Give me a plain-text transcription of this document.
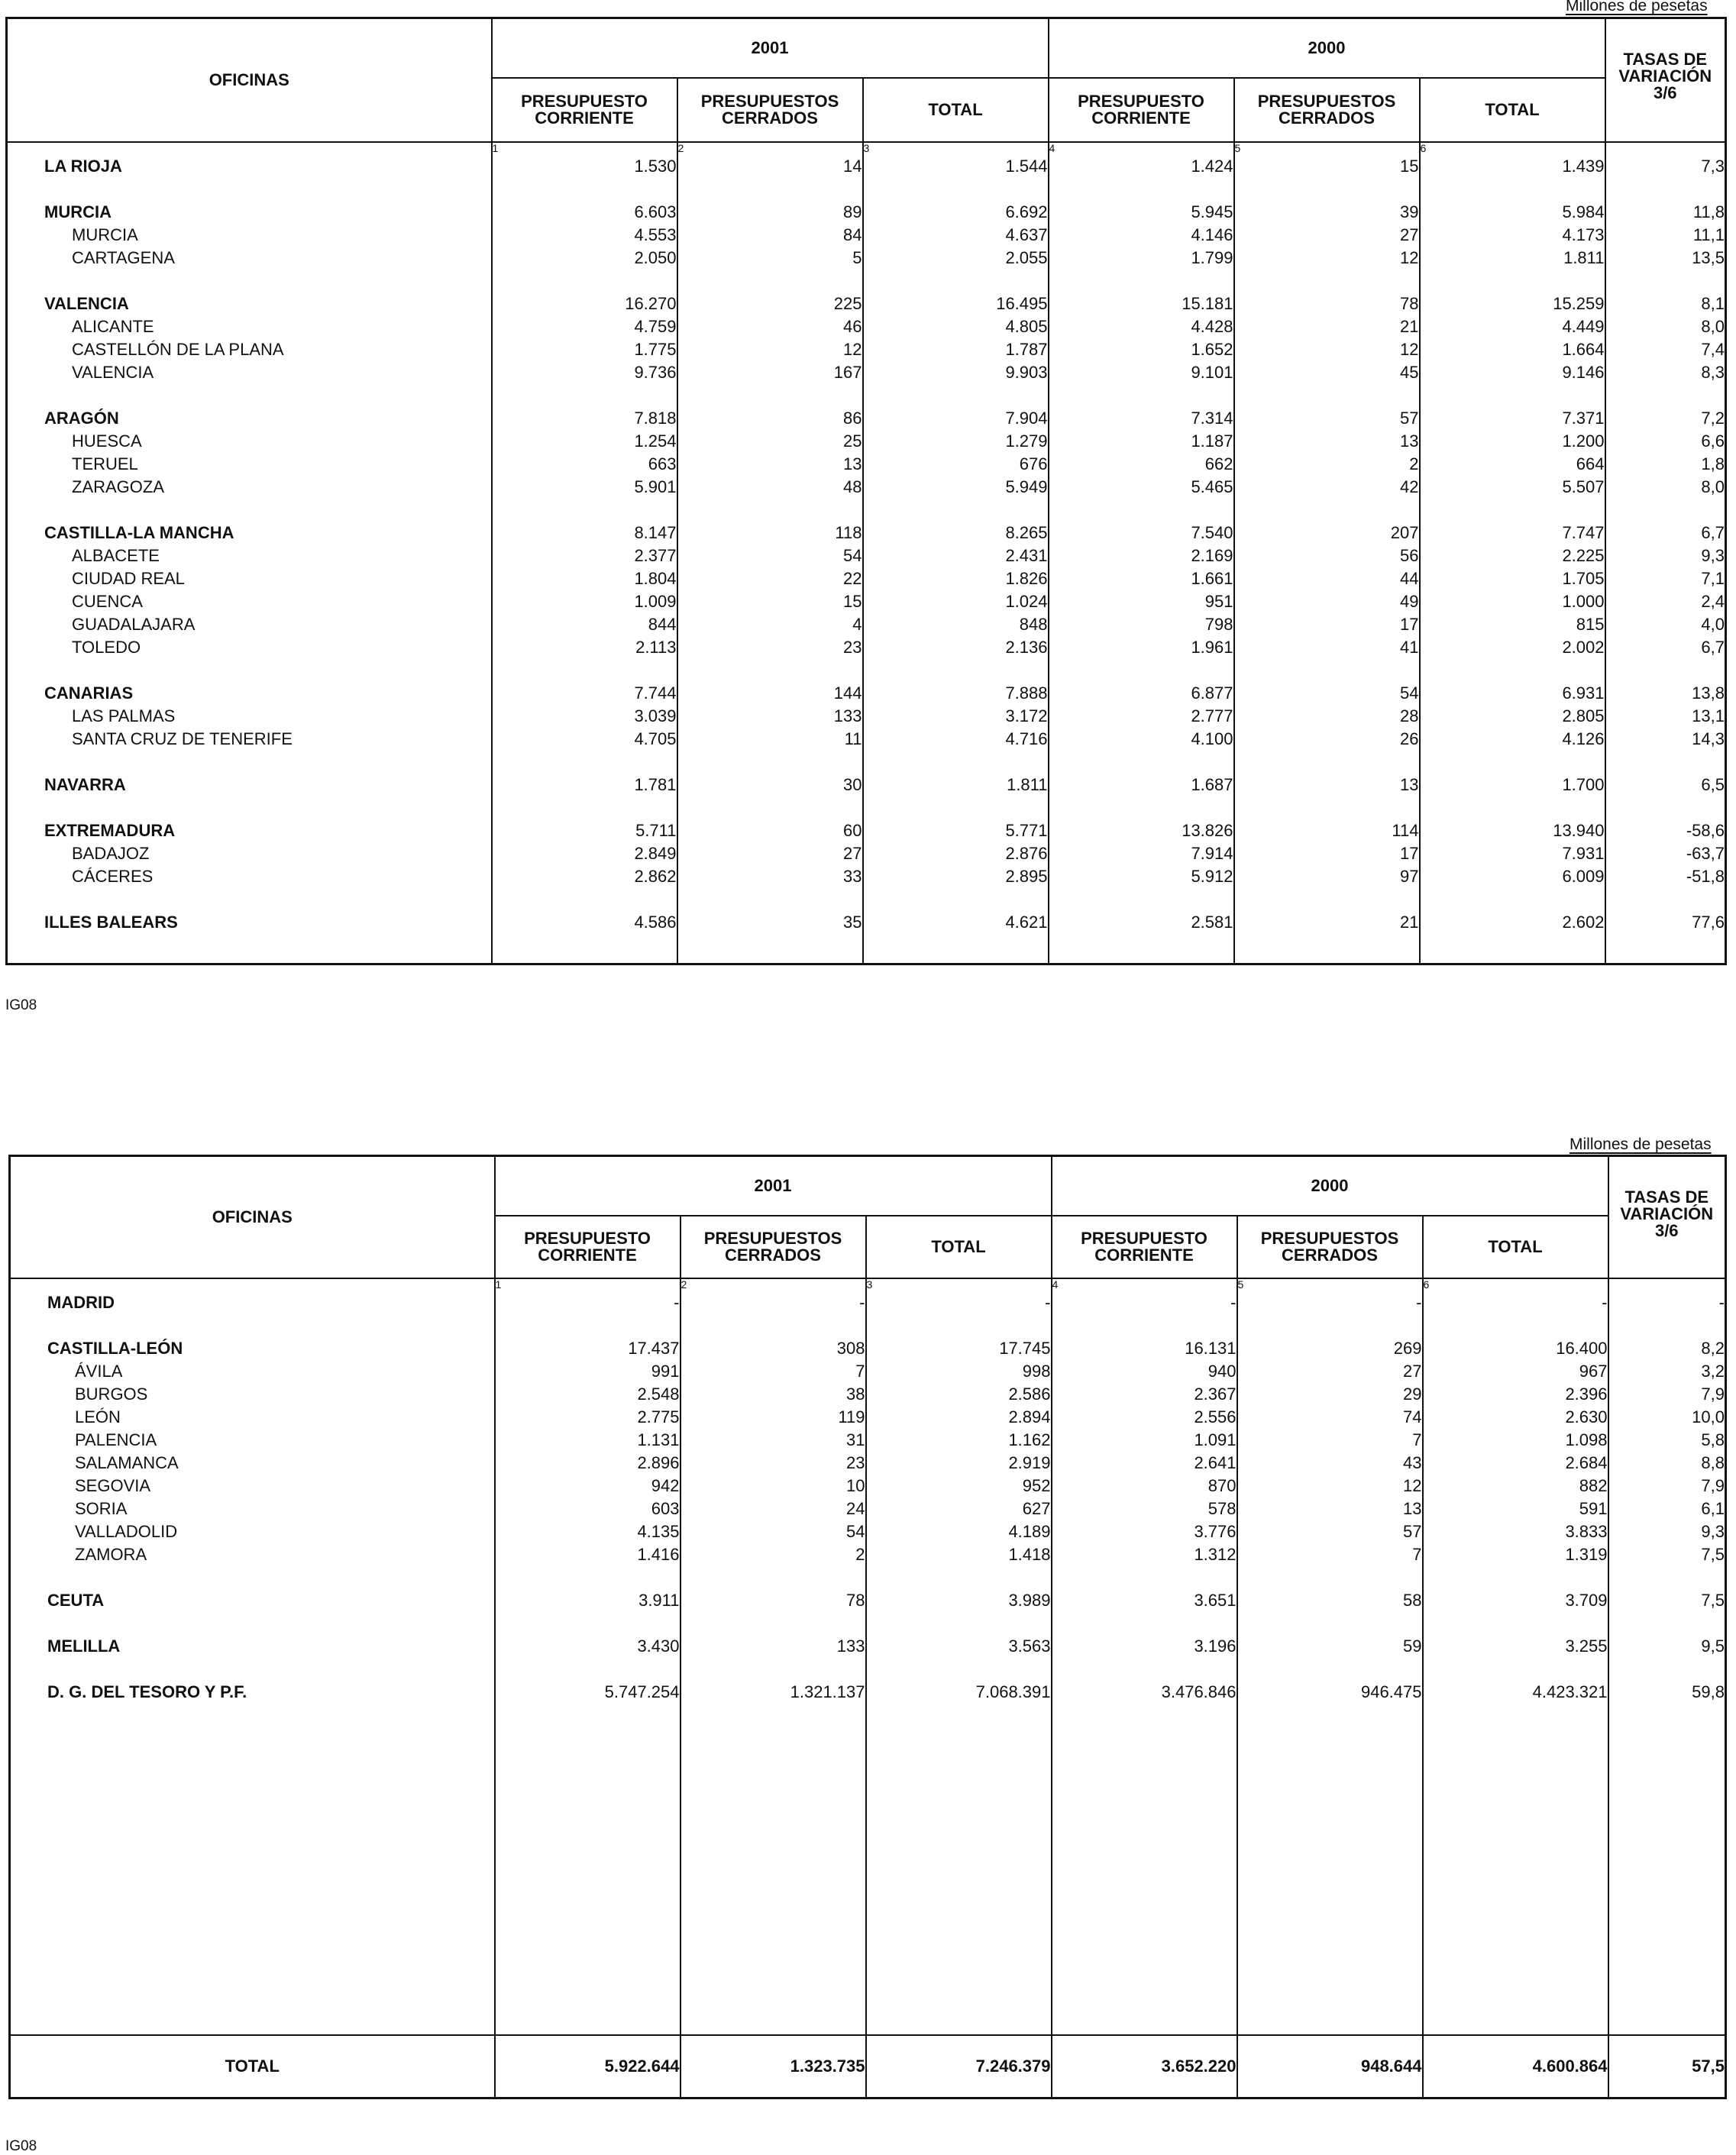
Millones de pesetas
OFICINAS	2001			2000			TASAS DE VARIACIÓN 3/6
	PRESUPUESTO CORRIENTE	PRESUPUESTOS CERRADOS	TOTAL	PRESUPUESTO CORRIENTE	PRESUPUESTOS CERRADOS	TOTAL	
	1	2	3	4	5	6	
LA RIOJA	1.530	14	1.544	1.424	15	1.439	7,3

MURCIA	6.603	89	6.692	5.945	39	5.984	11,8
MURCIA	4.553	84	4.637	4.146	27	4.173	11,1
CARTAGENA	2.050	5	2.055	1.799	12	1.811	13,5

VALENCIA	16.270	225	16.495	15.181	78	15.259	8,1
ALICANTE	4.759	46	4.805	4.428	21	4.449	8,0
CASTELLÓN DE LA PLANA	1.775	12	1.787	1.652	12	1.664	7,4
VALENCIA	9.736	167	9.903	9.101	45	9.146	8,3

ARAGÓN	7.818	86	7.904	7.314	57	7.371	7,2
HUESCA	1.254	25	1.279	1.187	13	1.200	6,6
TERUEL	663	13	676	662	2	664	1,8
ZARAGOZA	5.901	48	5.949	5.465	42	5.507	8,0

CASTILLA-LA MANCHA	8.147	118	8.265	7.540	207	7.747	6,7
ALBACETE	2.377	54	2.431	2.169	56	2.225	9,3
CIUDAD REAL	1.804	22	1.826	1.661	44	1.705	7,1
CUENCA	1.009	15	1.024	951	49	1.000	2,4
GUADALAJARA	844	4	848	798	17	815	4,0
TOLEDO	2.113	23	2.136	1.961	41	2.002	6,7

CANARIAS	7.744	144	7.888	6.877	54	6.931	13,8
LAS PALMAS	3.039	133	3.172	2.777	28	2.805	13,1
SANTA CRUZ DE TENERIFE	4.705	11	4.716	4.100	26	4.126	14,3

NAVARRA	1.781	30	1.811	1.687	13	1.700	6,5

EXTREMADURA	5.711	60	5.771	13.826	114	13.940	-58,6
BADAJOZ	2.849	27	2.876	7.914	17	7.931	-63,7
CÁCERES	2.862	33	2.895	5.912	97	6.009	-51,8

ILLES BALEARS	4.586	35	4.621	2.581	21	2.602	77,6

IG08
Millones de pesetas
OFICINAS	2001			2000			TASAS DE VARIACIÓN 3/6
	PRESUPUESTO CORRIENTE	PRESUPUESTOS CERRADOS	TOTAL	PRESUPUESTO CORRIENTE	PRESUPUESTOS CERRADOS	TOTAL	
	1	2	3	4	5	6	
MADRID	-	-	-	-	-	-	-

CASTILLA-LEÓN	17.437	308	17.745	16.131	269	16.400	8,2
ÁVILA	991	7	998	940	27	967	3,2
BURGOS	2.548	38	2.586	2.367	29	2.396	7,9
LEÓN	2.775	119	2.894	2.556	74	2.630	10,0
PALENCIA	1.131	31	1.162	1.091	7	1.098	5,8
SALAMANCA	2.896	23	2.919	2.641	43	2.684	8,8
SEGOVIA	942	10	952	870	12	882	7,9
SORIA	603	24	627	578	13	591	6,1
VALLADOLID	4.135	54	4.189	3.776	57	3.833	9,3
ZAMORA	1.416	2	1.418	1.312	7	1.319	7,5

CEUTA	3.911	78	3.989	3.651	58	3.709	7,5

MELILLA	3.430	133	3.563	3.196	59	3.255	9,5

D. G. DEL TESORO Y P.F.	5.747.254	1.321.137	7.068.391	3.476.846	946.475	4.423.321	59,8

TOTAL	5.922.644	1.323.735	7.246.379	3.652.220	948.644	4.600.864	57,5
IG08
